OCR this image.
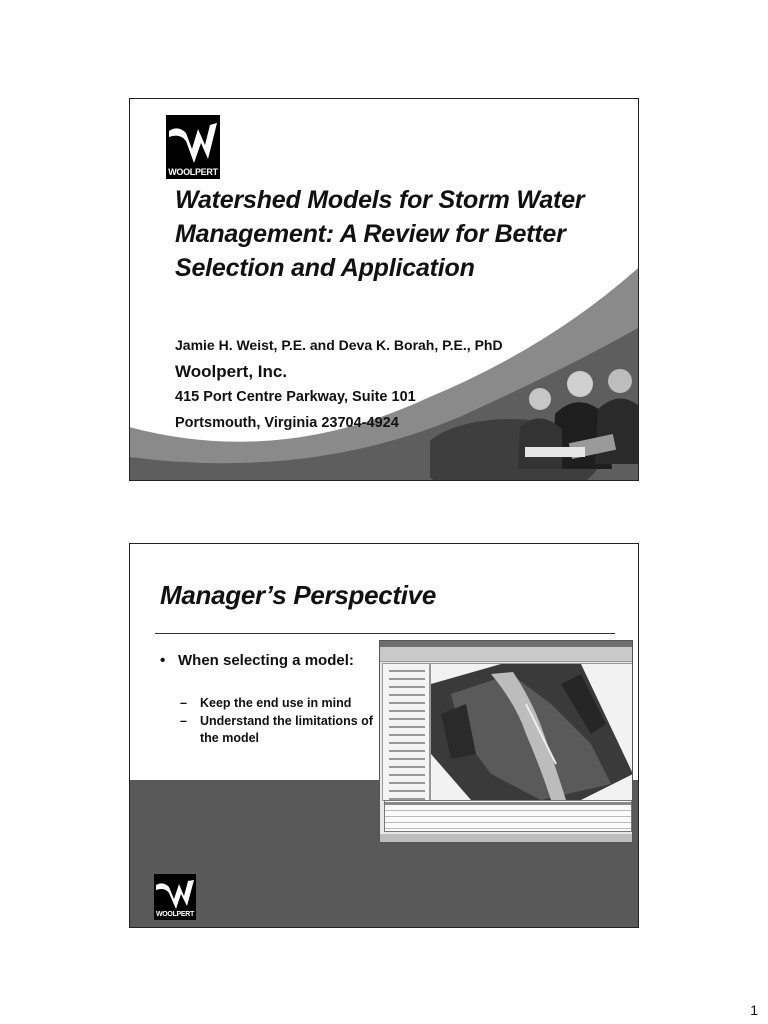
WOOLPERT
Watershed Models for Storm Water Management: A Review for Better Selection and Application
Jamie H. Weist, P.E. and Deva K. Borah, P.E., PhD
Woolpert, Inc.
415 Port Centre Parkway, Suite 101
Portsmouth, Virginia 23704-4924
Manager’s Perspective
• When selecting a model:
–	Keep the end use in mind
–	Understand the limitations of the model
WOOLPERT
1
